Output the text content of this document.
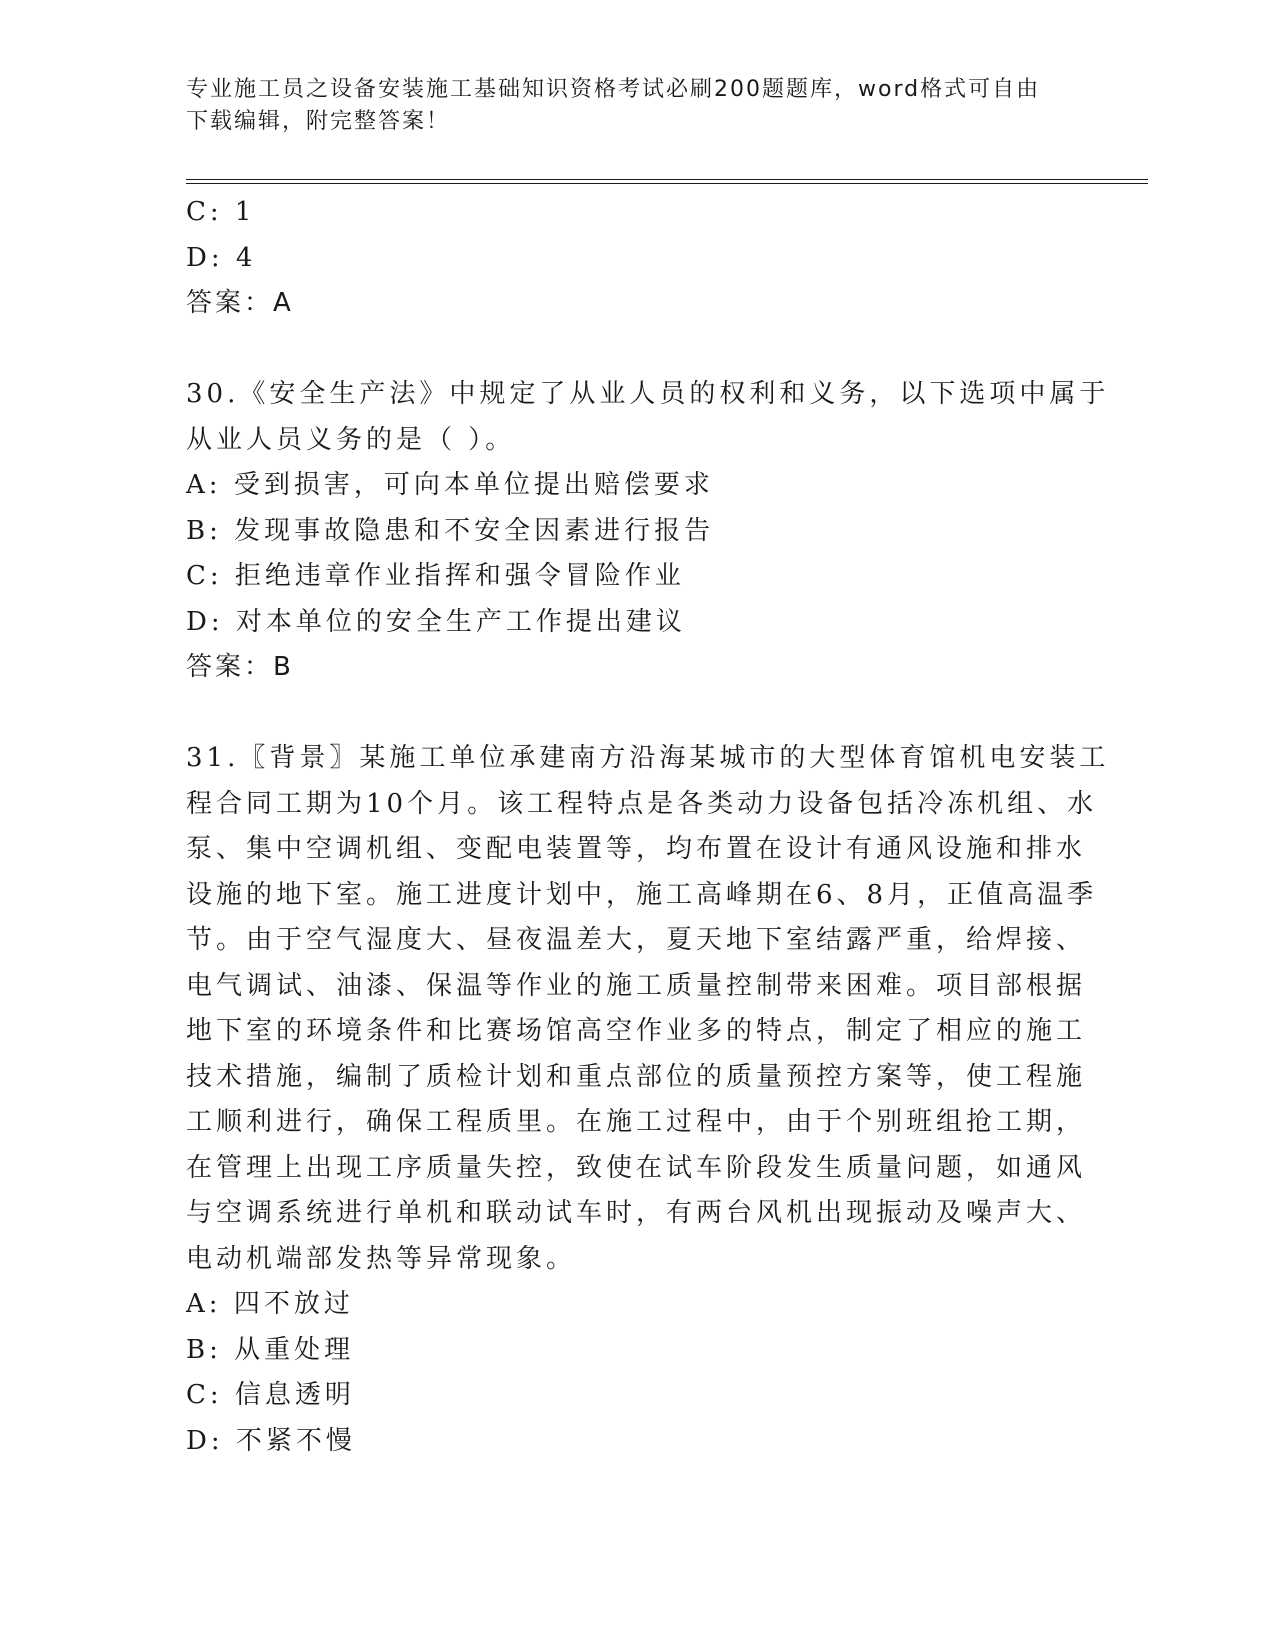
专业施工员之设备安装施工基础知识资格考试必刷200题题库，word格式可自由
下载编辑，附完整答案！
C: 1
D: 4
答案：A
30.《安全生产法》中规定了从业人员的权利和义务，以下选项中属于
从业人员义务的是（ ）。
A: 受到损害，可向本单位提出赔偿要求
B: 发现事故隐患和不安全因素进行报告
C: 拒绝违章作业指挥和强令冒险作业
D: 对本单位的安全生产工作提出建议
答案：B
31.〖背景〗某施工单位承建南方沿海某城市的大型体育馆机电安装工
程合同工期为10个月。该工程特点是各类动力设备包括冷冻机组、水
泵、集中空调机组、变配电装置等，均布置在设计有通风设施和排水
设施的地下室。施工进度计划中，施工高峰期在6、8月，正值高温季
节。由于空气湿度大、昼夜温差大，夏天地下室结露严重，给焊接、
电气调试、油漆、保温等作业的施工质量控制带来困难。项目部根据
地下室的环境条件和比赛场馆高空作业多的特点，制定了相应的施工
技术措施，编制了质检计划和重点部位的质量预控方案等，使工程施
工顺利进行，确保工程质里。在施工过程中，由于个别班组抢工期，
在管理上出现工序质量失控，致使在试车阶段发生质量问题，如通风
与空调系统进行单机和联动试车时，有两台风机出现振动及噪声大、
电动机端部发热等异常现象。
A: 四不放过
B: 从重处理
C: 信息透明
D: 不紧不慢
